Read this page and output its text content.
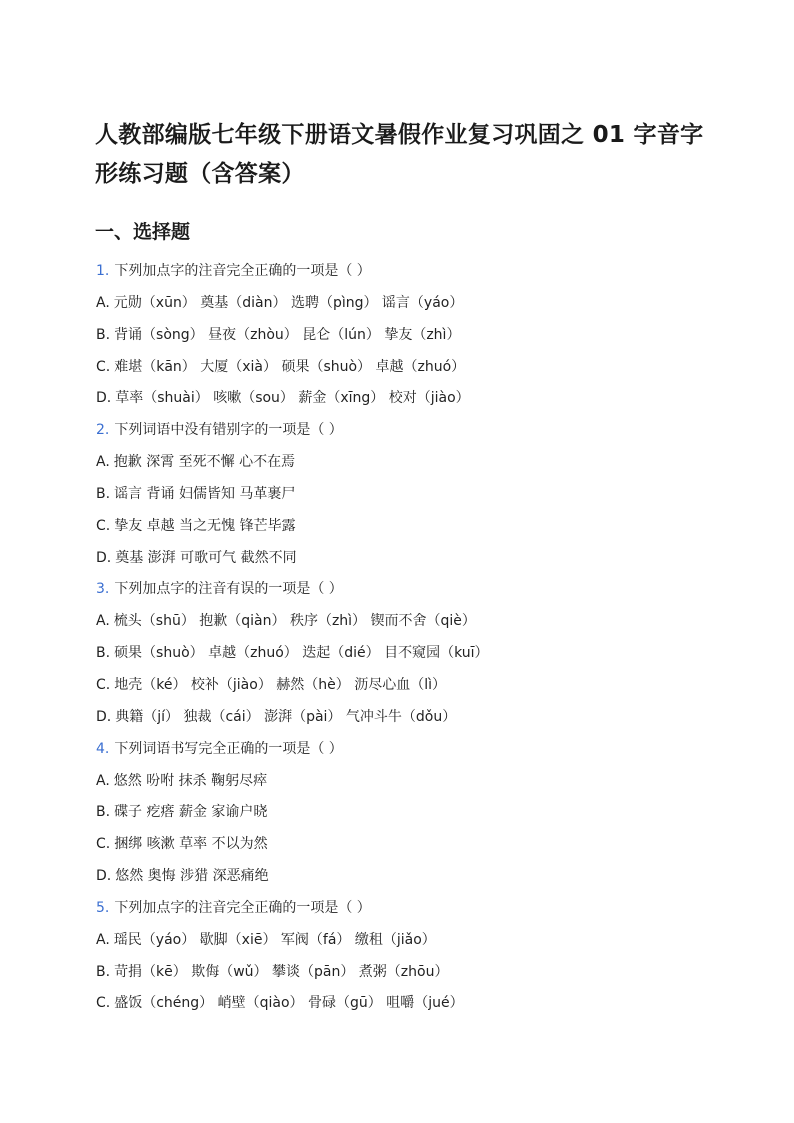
人教部编版七年级下册语文暑假作业复习巩固之 01 字音字形练习题（含答案）
一、选择题
1. 下列加点字的注音完全正确的一项是（ ）
A. 元勋（xūn） 奠基（diàn） 选聘（pìng） 谣言（yáo）
B. 背诵（sòng） 昼夜（zhòu） 昆仑（lún） 挚友（zhì）
C. 难堪（kān） 大厦（xià） 硕果（shuò） 卓越（zhuó）
D. 草率（shuài） 咳嗽（sou） 薪金（xīng） 校对（jiào）
2. 下列词语中没有错别字的一项是（ ）
A. 抱歉 深霄 至死不懈 心不在焉
B. 谣言 背诵 妇儒皆知 马革裹尸
C. 挚友 卓越 当之无愧 锋芒毕露
D. 奠基 澎湃 可歌可气 截然不同
3. 下列加点字的注音有误的一项是（ ）
A. 梳头（shū） 抱歉（qiàn） 秩序（zhì） 锲而不舍（qiè）
B. 硕果（shuò） 卓越（zhuó） 迭起（dié） 目不窥园（kuī）
C. 地壳（ké） 校补（jiào） 赫然（hè） 沥尽心血（lì）
D. 典籍（jí） 独裁（cái） 澎湃（pài） 气冲斗牛（dǒu）
4. 下列词语书写完全正确的一项是（ ）
A. 悠然 吩咐 抹杀 鞠躬尽瘁
B. 碟子 疙瘩 薪金 家谕户晓
C. 捆绑 咳漱 草率 不以为然
D. 悠然 奥悔 涉猎 深恶痛绝
5. 下列加点字的注音完全正确的一项是（ ）
A. 瑶民（yáo） 歇脚（xiē） 军阀（fá） 缴租（jiǎo）
B. 苛捐（kē） 欺侮（wǔ） 攀谈（pān） 煮粥（zhōu）
C. 盛饭（chéng） 峭壁（qiào） 骨碌（gū） 咀嚼（jué）
